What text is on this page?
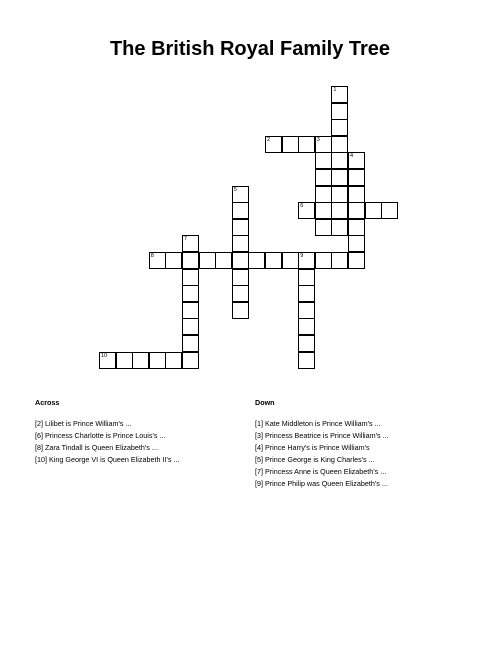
The British Royal Family Tree
2	3
6
8	9
10
1
4
5
7
Across
[2] Lilibet is Prince William's ...
[6] Princess Charlotte is Prince Louis's ...
[8] Zara Tindall is Queen Elizabeth's ...
[10] King George VI is Queen Elizabeth II's ...
Down
[1] Kate Middleton is Prince William's ...
[3] Princess Beatrice is Prince William's ...
[4] Prince Harry's is Prince William's
[5] Prince George is King Charles's ...
[7] Princess Anne is Queen Elizabeth's ...
[9] Prince Philip was Queen Elizabeth's ...
